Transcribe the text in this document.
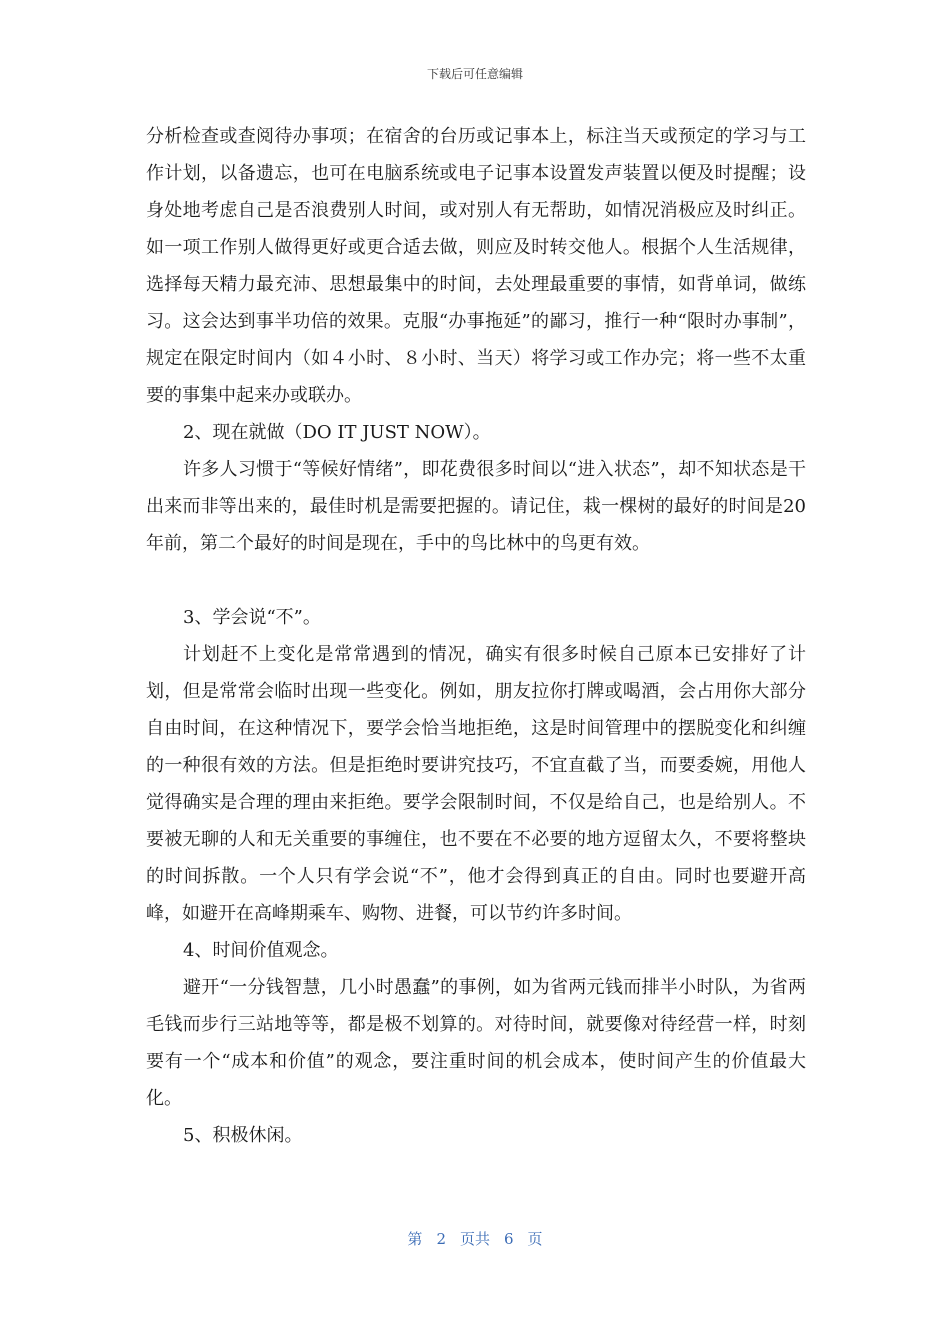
下载后可任意编辑

分析检查或查阅待办事项；在宿舍的台历或记事本上，标注当天或预定的学习与工作计划，以备遗忘，也可在电脑系统或电子记事本设置发声装置以便及时提醒；设身处地考虑自己是否浪费别人时间，或对别人有无帮助，如情况消极应及时纠正。如一项工作别人做得更好或更合适去做，则应及时转交他人。根据个人生活规律，选择每天精力最充沛、思想最集中的时间，去处理最重要的事情，如背单词，做练习。这会达到事半功倍的效果。克服“办事拖延”的鄙习，推行一种“限时办事制”，规定在限定时间内（如４小时、８小时、当天）将学习或工作办完；将一些不太重要的事集中起来办或联办。

2、现在就做（DO IT JUST NOW）。

许多人习惯于“等候好情绪”，即花费很多时间以“进入状态”，却不知状态是干出来而非等出来的，最佳时机是需要把握的。请记住，栽一棵树的最好的时间是20年前，第二个最好的时间是现在，手中的鸟比林中的鸟更有效。

3、学会说“不”。

计划赶不上变化是常常遇到的情况，确实有很多时候自己原本已安排好了计划，但是常常会临时出现一些变化。例如，朋友拉你打牌或喝酒，会占用你大部分自由时间，在这种情况下，要学会恰当地拒绝，这是时间管理中的摆脱变化和纠缠的一种很有效的方法。但是拒绝时要讲究技巧，不宜直截了当，而要委婉，用他人觉得确实是合理的理由来拒绝。要学会限制时间，不仅是给自己，也是给别人。不要被无聊的人和无关重要的事缠住，也不要在不必要的地方逗留太久，不要将整块的时间拆散。一个人只有学会说“不”，他才会得到真正的自由。同时也要避开高峰，如避开在高峰期乘车、购物、进餐，可以节约许多时间。

4、时间价值观念。

避开“一分钱智慧，几小时愚蠢”的事例，如为省两元钱而排半小时队，为省两毛钱而步行三站地等等，都是极不划算的。对待时间，就要像对待经营一样，时刻要有一个“成本和价值”的观念，要注重时间的机会成本，使时间产生的价值最大化。

5、积极休闲。

第 2 页共 6 页
